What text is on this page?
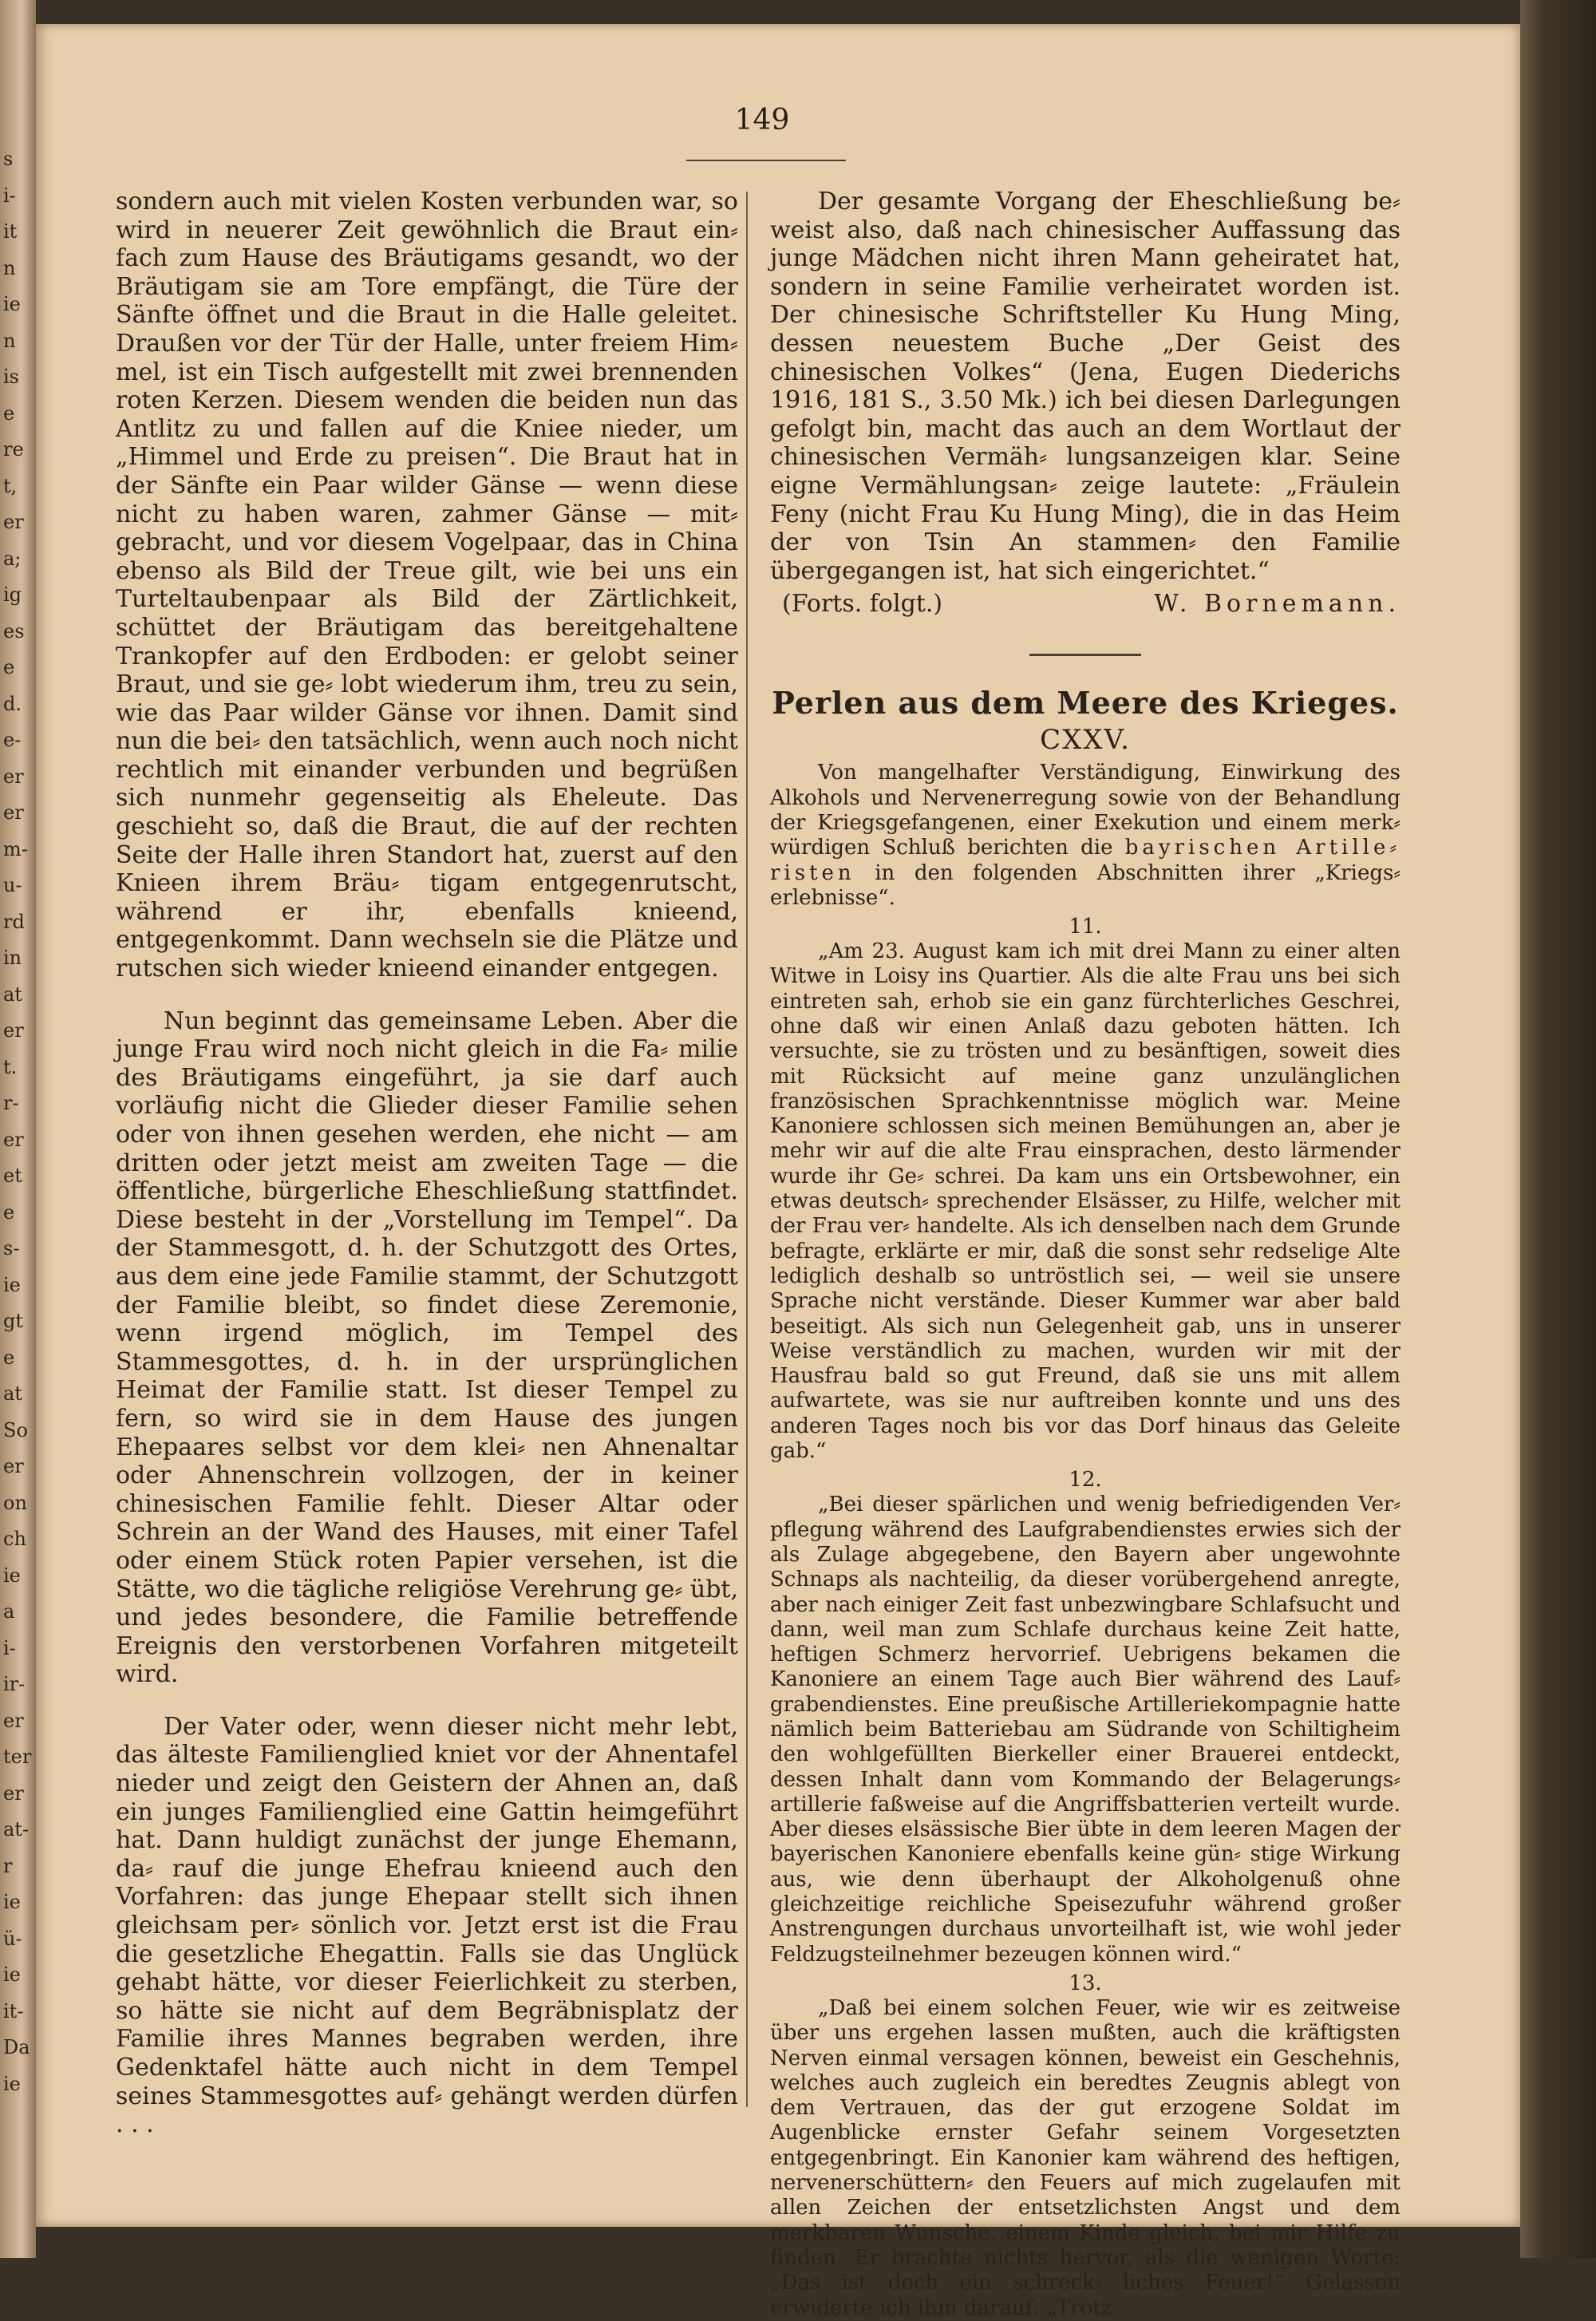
s
i-
it
n
ie
n
is
e
re
t,
er
a;
ig
es
e
d.
e-
er
er
m-
u-
rd
in
at
er
t.
r-
er
et
e
s-
ie
gt
e
at
So
er
on
ch
ie
a
i-
ir-
er
ter
er
at-
r
ie
ü-
ie
it-
Da
ie

149

sondern auch mit vielen Kosten verbunden war, so wird in neuerer Zeit gewöhnlich die Braut ein⸗ fach zum Hause des Bräutigams gesandt, wo der Bräutigam sie am Tore empfängt, die Türe der Sänfte öffnet und die Braut in die Halle geleitet. Draußen vor der Tür der Halle, unter freiem Him⸗ mel, ist ein Tisch aufgestellt mit zwei brennenden roten Kerzen. Diesem wenden die beiden nun das Antlitz zu und fallen auf die Kniee nieder, um „Himmel und Erde zu preisen“. Die Braut hat in der Sänfte ein Paar wilder Gänse — wenn diese nicht zu haben waren, zahmer Gänse — mit⸗ gebracht, und vor diesem Vogelpaar, das in China ebenso als Bild der Treue gilt, wie bei uns ein Turteltaubenpaar als Bild der Zärtlichkeit, schüttet der Bräutigam das bereitgehaltene Trankopfer auf den Erdboden: er gelobt seiner Braut, und sie ge⸗ lobt wiederum ihm, treu zu sein, wie das Paar wilder Gänse vor ihnen. Damit sind nun die bei⸗ den tatsächlich, wenn auch noch nicht rechtlich mit einander verbunden und begrüßen sich nunmehr gegenseitig als Eheleute. Das geschieht so, daß die Braut, die auf der rechten Seite der Halle ihren Standort hat, zuerst auf den Knieen ihrem Bräu⸗ tigam entgegenrutscht, während er ihr, ebenfalls knieend, entgegenkommt. Dann wechseln sie die Plätze und rutschen sich wieder knieend einander entgegen.

Nun beginnt das gemeinsame Leben. Aber die junge Frau wird noch nicht gleich in die Fa⸗ milie des Bräutigams eingeführt, ja sie darf auch vorläufig nicht die Glieder dieser Familie sehen oder von ihnen gesehen werden, ehe nicht — am dritten oder jetzt meist am zweiten Tage — die öffentliche, bürgerliche Eheschließung stattfindet. Diese besteht in der „Vorstellung im Tempel“. Da der Stammesgott, d. h. der Schutzgott des Ortes, aus dem eine jede Familie stammt, der Schutzgott der Familie bleibt, so findet diese Zeremonie, wenn irgend möglich, im Tempel des Stammesgottes, d. h. in der ursprünglichen Heimat der Familie statt. Ist dieser Tempel zu fern, so wird sie in dem Hause des jungen Ehepaares selbst vor dem klei⸗ nen Ahnenaltar oder Ahnenschrein vollzogen, der in keiner chinesischen Familie fehlt. Dieser Altar oder Schrein an der Wand des Hauses, mit einer Tafel oder einem Stück roten Papier versehen, ist die Stätte, wo die tägliche religiöse Verehrung ge⸗ übt, und jedes besondere, die Familie betreffende Ereignis den verstorbenen Vorfahren mitgeteilt wird.

Der Vater oder, wenn dieser nicht mehr lebt, das älteste Familienglied kniet vor der Ahnentafel nieder und zeigt den Geistern der Ahnen an, daß ein junges Familienglied eine Gattin heimgeführt hat. Dann huldigt zunächst der junge Ehemann, da⸗ rauf die junge Ehefrau knieend auch den Vorfahren: das junge Ehepaar stellt sich ihnen gleichsam per⸗ sönlich vor. Jetzt erst ist die Frau die gesetzliche Ehegattin. Falls sie das Unglück gehabt hätte, vor dieser Feierlichkeit zu sterben, so hätte sie nicht auf dem Begräbnisplatz der Familie ihres Mannes begraben werden, ihre Gedenktafel hätte auch nicht in dem Tempel seines Stammesgottes auf⸗ gehängt werden dürfen . . .

Der gesamte Vorgang der Eheschließung be⸗ weist also, daß nach chinesischer Auffassung das junge Mädchen nicht ihren Mann geheiratet hat, sondern in seine Familie verheiratet worden ist. Der chinesische Schriftsteller Ku Hung Ming, dessen neuestem Buche „Der Geist des chinesischen Volkes“ (Jena, Eugen Diederichs 1916, 181 S., 3.50 Mk.) ich bei diesen Darlegungen gefolgt bin, macht das auch an dem Wortlaut der chinesischen Vermäh⸗ lungsanzeigen klar. Seine eigne Vermählungsan⸗ zeige lautete: „Fräulein Feny (nicht Frau Ku Hung Ming), die in das Heim der von Tsin An stammen⸗ den Familie übergegangen ist, hat sich eingerichtet.“

(Forts. folgt.)	W. Bornemann.

Perlen aus dem Meere des Krieges.

CXXV.

Von mangelhafter Verständigung, Einwirkung des Alkohols und Nervenerregung sowie von der Behandlung der Kriegsgefangenen, einer Exekution und einem merk⸗ würdigen Schluß berichten die bayrischen Artille⸗ risten in den folgenden Abschnitten ihrer „Kriegs⸗ erlebnisse“.

11.

„Am 23. August kam ich mit drei Mann zu einer alten Witwe in Loisy ins Quartier. Als die alte Frau uns bei sich eintreten sah, erhob sie ein ganz fürchterliches Geschrei, ohne daß wir einen Anlaß dazu geboten hätten. Ich versuchte, sie zu trösten und zu besänftigen, soweit dies mit Rücksicht auf meine ganz unzulänglichen französischen Sprachkenntnisse möglich war. Meine Kanoniere schlossen sich meinen Bemühungen an, aber je mehr wir auf die alte Frau einsprachen, desto lärmender wurde ihr Ge⸗ schrei. Da kam uns ein Ortsbewohner, ein etwas deutsch⸗ sprechender Elsässer, zu Hilfe, welcher mit der Frau ver⸗ handelte. Als ich denselben nach dem Grunde befragte, erklärte er mir, daß die sonst sehr redselige Alte lediglich deshalb so untröstlich sei, — weil sie unsere Sprache nicht verstände. Dieser Kummer war aber bald beseitigt. Als sich nun Gelegenheit gab, uns in unserer Weise verständlich zu machen, wurden wir mit der Hausfrau bald so gut Freund, daß sie uns mit allem aufwartete, was sie nur auftreiben konnte und uns des anderen Tages noch bis vor das Dorf hinaus das Geleite gab.“

12.

„Bei dieser spärlichen und wenig befriedigenden Ver⸗ pflegung während des Laufgrabendienstes erwies sich der als Zulage abgegebene, den Bayern aber ungewohnte Schnaps als nachteilig, da dieser vorübergehend anregte, aber nach einiger Zeit fast unbezwingbare Schlafsucht und dann, weil man zum Schlafe durchaus keine Zeit hatte, heftigen Schmerz hervorrief. Uebrigens bekamen die Kanoniere an einem Tage auch Bier während des Lauf⸗ grabendienstes. Eine preußische Artilleriekompagnie hatte nämlich beim Batteriebau am Südrande von Schiltigheim den wohlgefüllten Bierkeller einer Brauerei entdeckt, dessen Inhalt dann vom Kommando der Belagerungs⸗ artillerie faßweise auf die Angriffsbatterien verteilt wurde. Aber dieses elsässische Bier übte in dem leeren Magen der bayerischen Kanoniere ebenfalls keine gün⸗ stige Wirkung aus, wie denn überhaupt der Alkoholgenuß ohne gleichzeitige reichliche Speisezufuhr während großer Anstrengungen durchaus unvorteilhaft ist, wie wohl jeder Feldzugsteilnehmer bezeugen können wird.“

13.

„Daß bei einem solchen Feuer, wie wir es zeitweise über uns ergehen lassen mußten, auch die kräftigsten Nerven einmal versagen können, beweist ein Geschehnis, welches auch zugleich ein beredtes Zeugnis ablegt von dem Vertrauen, das der gut erzogene Soldat im Augenblicke ernster Gefahr seinem Vorgesetzten entgegenbringt. Ein Kanonier kam während des heftigen, nervenerschüttern⸗ den Feuers auf mich zugelaufen mit allen Zeichen der entsetzlichsten Angst und dem merkbaren Wunsche, einem Kinde gleich, bei mir Hilfe zu finden. Er brachte nichts hervor, als die wenigen Worte: „Das ist doch ein schreck⸗ liches Feuer!“ Gelassen erwiderte ich ihm darauf: „Trotz
